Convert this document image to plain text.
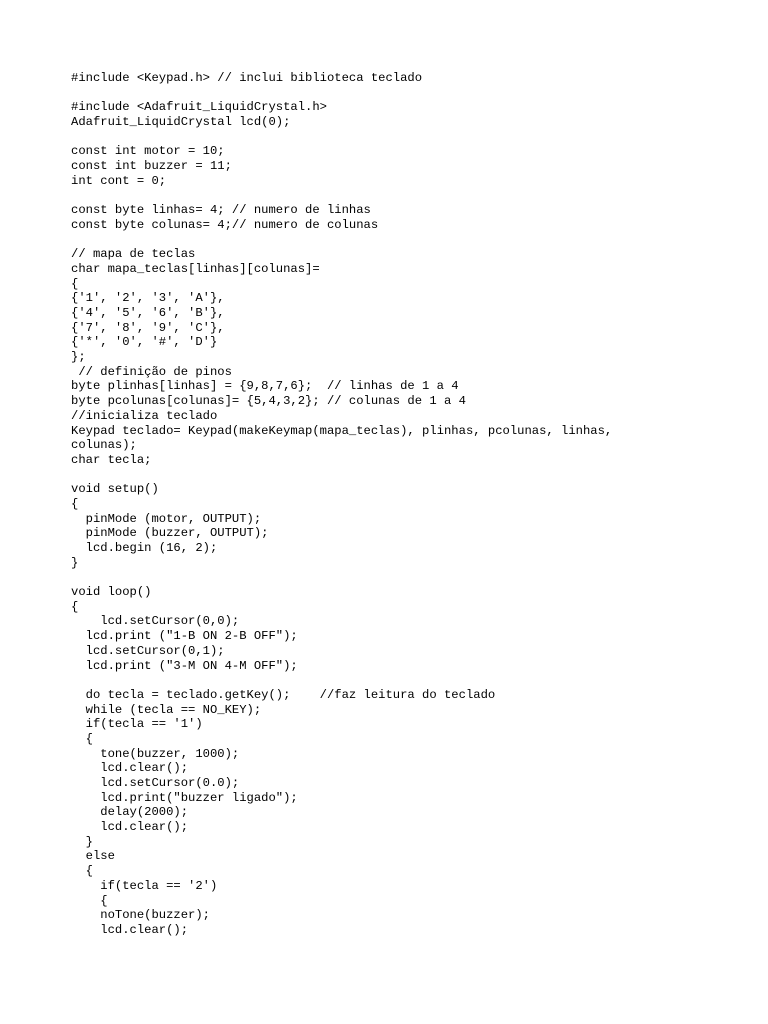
#include <Keypad.h> // inclui biblioteca teclado
#include <Adafruit_LiquidCrystal.h>
Adafruit_LiquidCrystal lcd(0);
const int motor = 10;
const int buzzer = 11;
int cont = 0;
const byte linhas= 4; // numero de linhas
const byte colunas= 4;// numero de colunas
// mapa de teclas
char mapa_teclas[linhas][colunas]=
{
{'1', '2', '3', 'A'},
{'4', '5', '6', 'B'},
{'7', '8', '9', 'C'},
{'*', '0', '#', 'D'}
};
// definição de pinos
byte plinhas[linhas] = {9,8,7,6};  // linhas de 1 a 4
byte pcolunas[colunas]= {5,4,3,2}; // colunas de 1 a 4
//inicializa teclado
Keypad teclado= Keypad(makeKeymap(mapa_teclas), plinhas, pcolunas, linhas,
colunas);
char tecla;
void setup()
{
pinMode (motor, OUTPUT);
pinMode (buzzer, OUTPUT);
lcd.begin (16, 2);
}
void loop()
{
lcd.setCursor(0,0);
lcd.print ("1-B ON 2-B OFF");
lcd.setCursor(0,1);
lcd.print ("3-M ON 4-M OFF");
do tecla = teclado.getKey();    //faz leitura do teclado
while (tecla == NO_KEY);
if(tecla == '1')
{
tone(buzzer, 1000);
lcd.clear();
lcd.setCursor(0.0);
lcd.print("buzzer ligado");
delay(2000);
lcd.clear();
}
else
{
if(tecla == '2')
{
noTone(buzzer);
lcd.clear();
